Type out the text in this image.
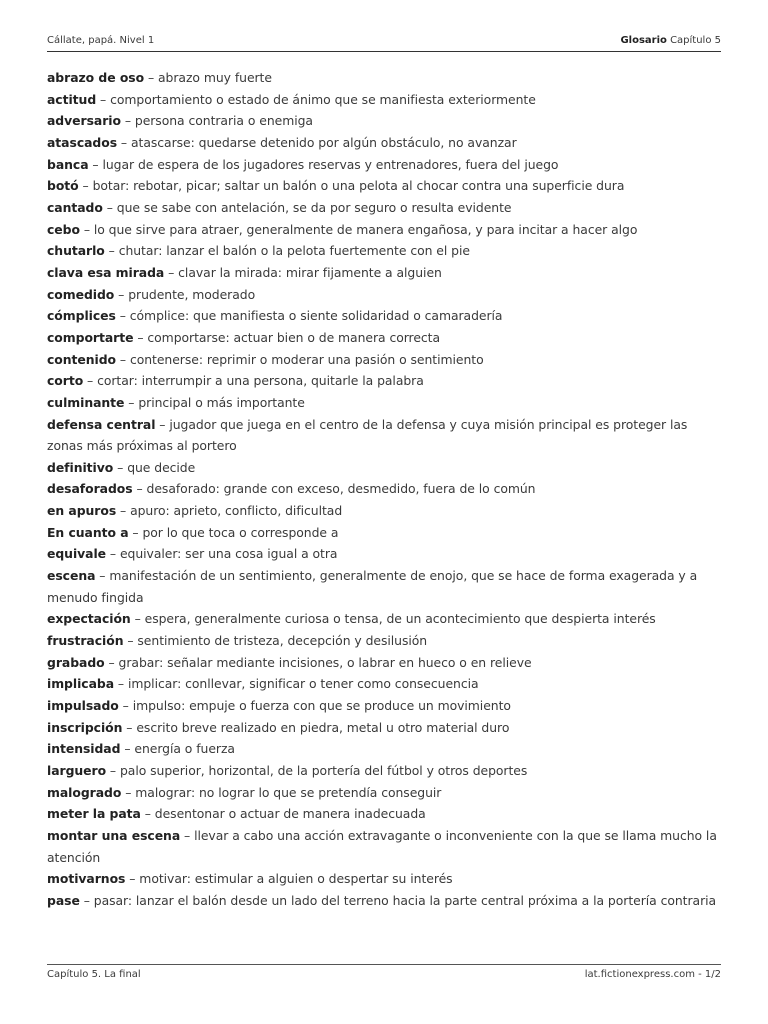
Cállate, papá. Nivel 1	Glosario Capítulo 5

abrazo de oso – abrazo muy fuerte

actitud – comportamiento o estado de ánimo que se manifiesta exteriormente

adversario – persona contraria o enemiga

atascados – atascarse: quedarse detenido por algún obstáculo, no avanzar

banca – lugar de espera de los jugadores reservas y entrenadores, fuera del juego

botó – botar: rebotar, picar; saltar un balón o una pelota al chocar contra una superficie dura

cantado – que se sabe con antelación, se da por seguro o resulta evidente

cebo – lo que sirve para atraer, generalmente de manera engañosa, y para incitar a hacer algo

chutarlo – chutar: lanzar el balón o la pelota fuertemente con el pie

clava esa mirada – clavar la mirada: mirar fijamente a alguien

comedido – prudente, moderado

cómplices – cómplice: que manifiesta o siente solidaridad o camaradería

comportarte – comportarse: actuar bien o de manera correcta

contenido – contenerse: reprimir o moderar una pasión o sentimiento

corto – cortar: interrumpir a una persona, quitarle la palabra

culminante – principal o más importante

defensa central – jugador que juega en el centro de la defensa y cuya misión principal es proteger las zonas más próximas al portero

definitivo – que decide

desaforados – desaforado: grande con exceso, desmedido, fuera de lo común

en apuros – apuro: aprieto, conflicto, dificultad

En cuanto a – por lo que toca o corresponde a

equivale – equivaler: ser una cosa igual a otra

escena – manifestación de un sentimiento, generalmente de enojo, que se hace de forma exagerada y a menudo fingida

expectación – espera, generalmente curiosa o tensa, de un acontecimiento que despierta interés

frustración – sentimiento de tristeza, decepción y desilusión

grabado – grabar: señalar mediante incisiones, o labrar en hueco o en relieve

implicaba – implicar: conllevar, significar o tener como consecuencia

impulsado – impulso: empuje o fuerza con que se produce un movimiento

inscripción – escrito breve realizado en piedra, metal u otro material duro

intensidad – energía o fuerza

larguero – palo superior, horizontal, de la portería del fútbol y otros deportes

malogrado – malograr: no lograr lo que se pretendía conseguir

meter la pata – desentonar o actuar de manera inadecuada

montar una escena – llevar a cabo una acción extravagante o inconveniente con la que se llama mucho la atención

motivarnos – motivar: estimular a alguien o despertar su interés

pase – pasar: lanzar el balón desde un lado del terreno hacia la parte central próxima a la portería contraria

Capítulo 5. La final	lat.fictionexpress.com - 1/2
